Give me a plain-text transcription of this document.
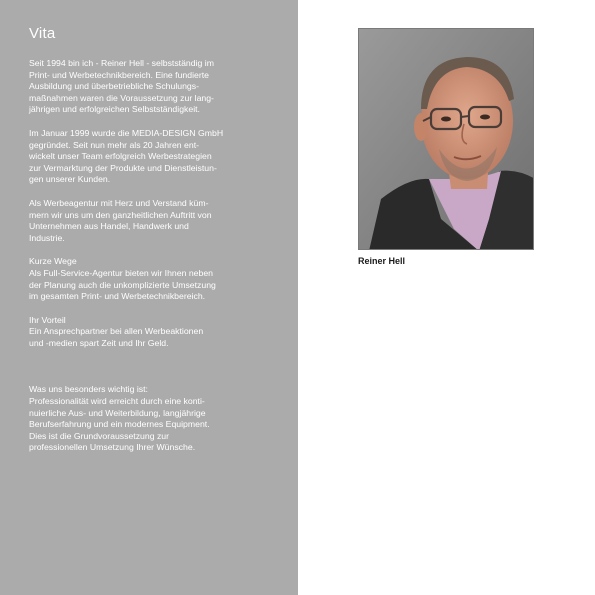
Vita

Seit 1994 bin ich - Reiner Hell - selbstständig im
Print- und Werbetechnikbereich. Eine fundierte
Ausbildung und überbetriebliche Schulungs-
maßnahmen waren die Voraussetzung zur lang-
jährigen und erfolgreichen Selbstständigkeit.

Im Januar 1999 wurde die MEDIA-DESIGN GmbH
gegründet. Seit nun mehr als 20 Jahren ent-
wickelt unser Team erfolgreich Werbestrategien
zur Vermarktung der Produkte und Dienstleistun-
gen unserer Kunden.

Als Werbeagentur mit Herz und Verstand küm-
mern wir uns um den ganzheitlichen Auftritt von
Unternehmen aus Handel, Handwerk und
Industrie.

Kurze Wege
Als Full-Service-Agentur bieten wir Ihnen neben
der Planung auch die unkomplizierte Umsetzung
im gesamten Print- und Werbetechnikbereich.

Ihr Vorteil
Ein Ansprechpartner bei allen Werbeaktionen
und -medien spart Zeit und Ihr Geld.

Was uns besonders wichtig ist:
Professionalität wird erreicht durch eine konti-
nuierliche Aus- und Weiterbildung, langjährige
Berufserfahrung und ein modernes Equipment.
Dies ist die Grundvoraussetzung zur
professionellen Umsetzung Ihrer Wünsche.

Reiner Hell
